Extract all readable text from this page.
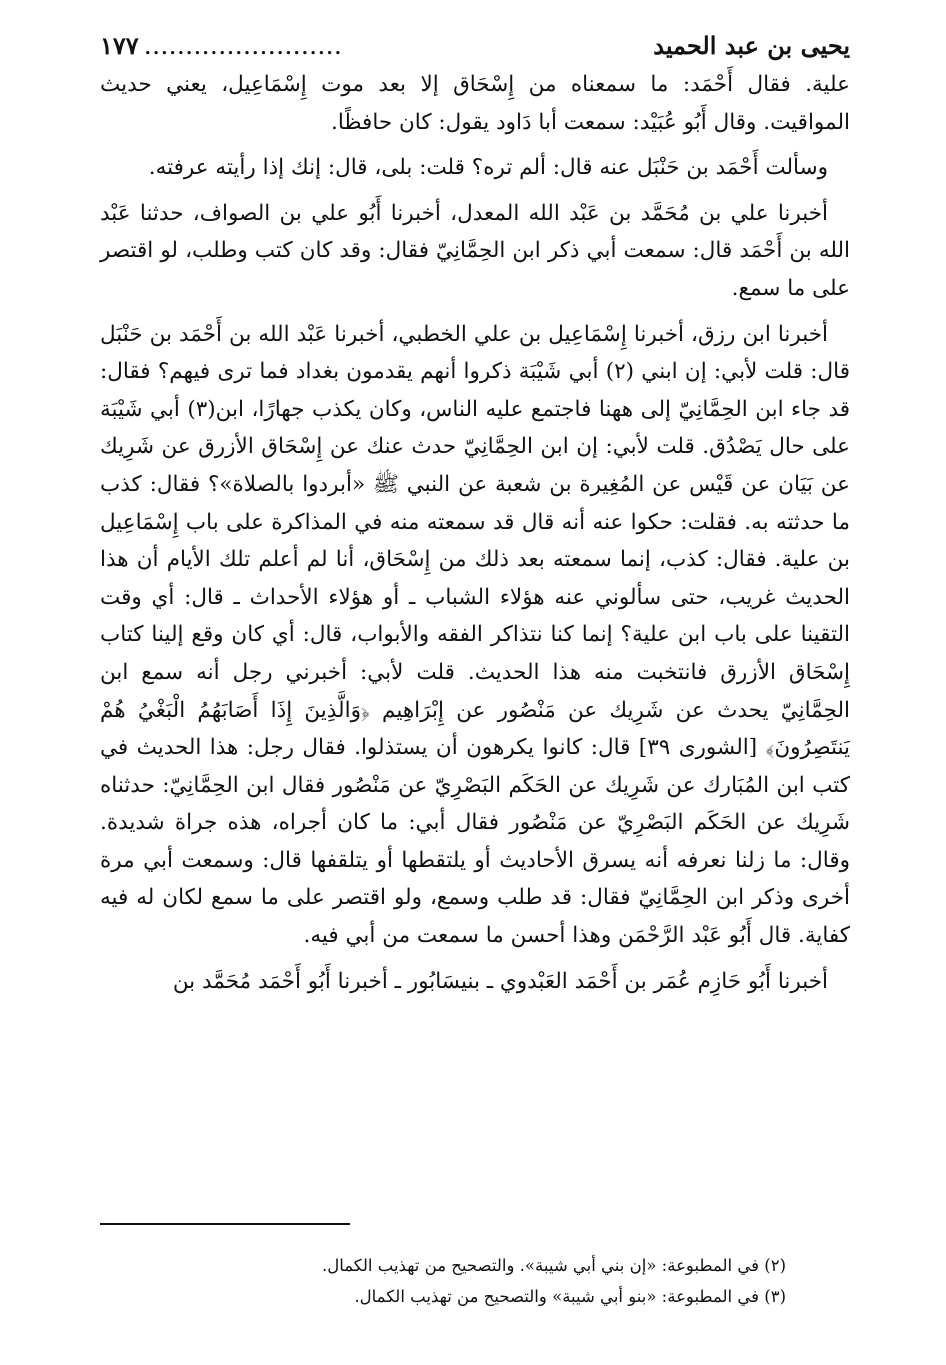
يحيى بن عبد الحميد
........................
١٧٧

علية. فقال أَحْمَد: ما سمعناه من إِسْحَاق إلا بعد موت إِسْمَاعِيل، يعني حديث المواقيت. وقال أَبُو عُبَيْد: سمعت أبا دَاود يقول: كان حافظًا.

وسألت أَحْمَد بن حَنْبَل عنه قال: ألم تره؟ قلت: بلى، قال: إنك إذا رأيته عرفته.

أخبرنا علي بن مُحَمَّد بن عَبْد الله المعدل، أخبرنا أَبُو علي بن الصواف، حدثنا عَبْد الله بن أَحْمَد قال: سمعت أبي ذكر ابن الحِمَّانِيّ فقال: وقد كان كتب وطلب، لو اقتصر على ما سمع.

أخبرنا ابن رزق، أخبرنا إِسْمَاعِيل بن علي الخطبي، أخبرنا عَبْد الله بن أَحْمَد بن حَنْبَل قال: قلت لأبي: إن ابني (٢) أبي شَيْبَة ذكروا أنهم يقدمون بغداد فما ترى فيهم؟ فقال: قد جاء ابن الحِمَّانِيّ إلى ههنا فاجتمع عليه الناس، وكان يكذب جهارًا، ابن(٣) أبي شَيْبَة على حال يَصْدُق. قلت لأبي: إن ابن الحِمَّانِيّ حدث عنك عن إِسْحَاق الأزرق عن شَرِيك عن بَيَان عن قَيْس عن المُغِيرة بن شعبة عن النبي ﷺ «أبردوا بالصلاة»؟ فقال: كذب ما حدثته به. فقلت: حكوا عنه أنه قال قد سمعته منه في المذاكرة على باب إِسْمَاعِيل بن علية. فقال: كذب، إنما سمعته بعد ذلك من إِسْحَاق، أنا لم أعلم تلك الأيام أن هذا الحديث غريب، حتى سألوني عنه هؤلاء الشباب ـ أو هؤلاء الأحداث ـ قال: أي وقت التقينا على باب ابن علية؟ إنما كنا نتذاكر الفقه والأبواب، قال: أي كان وقع إلينا كتاب إِسْحَاق الأزرق فانتخبت منه هذا الحديث. قلت لأبي: أخبرني رجل أنه سمع ابن الحِمَّانِيّ يحدث عن شَرِيك عن مَنْصُور عن إِبْرَاهِيم ﴿وَالَّذِينَ إِذَا أَصَابَهُمُ الْبَغْيُ هُمْ يَنتَصِرُونَ﴾ [الشورى ٣٩] قال: كانوا يكرهون أن يستذلوا. فقال رجل: هذا الحديث في كتب ابن المُبَارك عن شَرِيك عن الحَكَم البَصْرِيّ عن مَنْصُور فقال ابن الحِمَّانِيّ: حدثناه شَرِيك عن الحَكَم البَصْرِيّ عن مَنْصُور فقال أبي: ما كان أجراه، هذه جراة شديدة. وقال: ما زلنا نعرفه أنه يسرق الأحاديث أو يلتقطها أو يتلقفها قال: وسمعت أبي مرة أخرى وذكر ابن الحِمَّانِيّ فقال: قد طلب وسمع، ولو اقتصر على ما سمع لكان له فيه كفاية. قال أَبُو عَبْد الرَّحْمَن وهذا أحسن ما سمعت من أبي فيه.

أخبرنا أَبُو حَازِم عُمَر بن أَحْمَد العَبْدوي ـ بنيسَابُور ـ أخبرنا أَبُو أَحْمَد مُحَمَّد بن

(٢) في المطبوعة: «إن بني أبي شيبة». والتصحيح من تهذيب الكمال.
(٣) في المطبوعة: «بنو أبي شيبة» والتصحيح من تهذيب الكمال.
